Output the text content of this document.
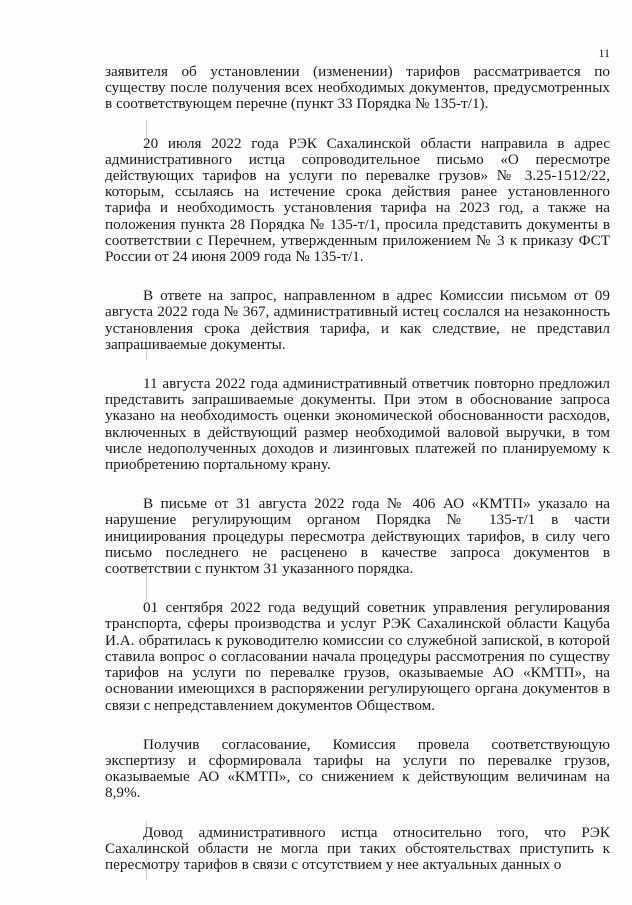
11

заявителя об установлении (изменении) тарифов рассматривается по существу после получения всех необходимых документов, предусмотренных в соответствующем перечне (пункт 33 Порядка № 135-т/1).

20 июля 2022 года РЭК Сахалинской области направила в адрес административного истца сопроводительное письмо «О пересмотре действующих тарифов на услуги по перевалке грузов» № 3.25-1512/22, которым, ссылаясь на истечение срока действия ранее установленного тарифа и необходимость установления тарифа на 2023 год, а также на положения пункта 28 Порядка № 135-т/1, просила представить документы в соответствии с Перечнем, утвержденным приложением № 3 к приказу ФСТ России от 24 июня 2009 года № 135-т/1.

В ответе на запрос, направленном в адрес Комиссии письмом от 09 августа 2022 года № 367, административный истец сослался на незаконность установления срока действия тарифа, и как следствие, не представил запрашиваемые документы.

11 августа 2022 года административный ответчик повторно предложил представить запрашиваемые документы. При этом в обоснование запроса указано на необходимость оценки экономической обоснованности расходов, включенных в действующий размер необходимой валовой выручки, в том числе недополученных доходов и лизинговых платежей по планируемому к приобретению портальному крану.

В письме от 31 августа 2022 года № 406 АО «КМТП» указало на нарушение регулирующим органом Порядка № 135-т/1 в части инициирования процедуры пересмотра действующих тарифов, в силу чего письмо последнего не расценено в качестве запроса документов в соответствии с пунктом 31 указанного порядка.

01 сентября 2022 года ведущий советник управления регулирования транспорта, сферы производства и услуг РЭК Сахалинской области Кацуба И.А. обратилась к руководителю комиссии со служебной запиской, в которой ставила вопрос о согласовании начала процедуры рассмотрения по существу тарифов на услуги по перевалке грузов, оказываемые АО «КМТП», на основании имеющихся в распоряжении регулирующего органа документов в связи с непредставлением документов Обществом.

Получив согласование, Комиссия провела соответствующую экспертизу и сформировала тарифы на услуги по перевалке грузов, оказываемые АО «КМТП», со снижением к действующим величинам на 8,9%.

Довод административного истца относительно того, что РЭК Сахалинской области не могла при таких обстоятельствах приступить к пересмотру тарифов в связи с отсутствием у нее актуальных данных о
